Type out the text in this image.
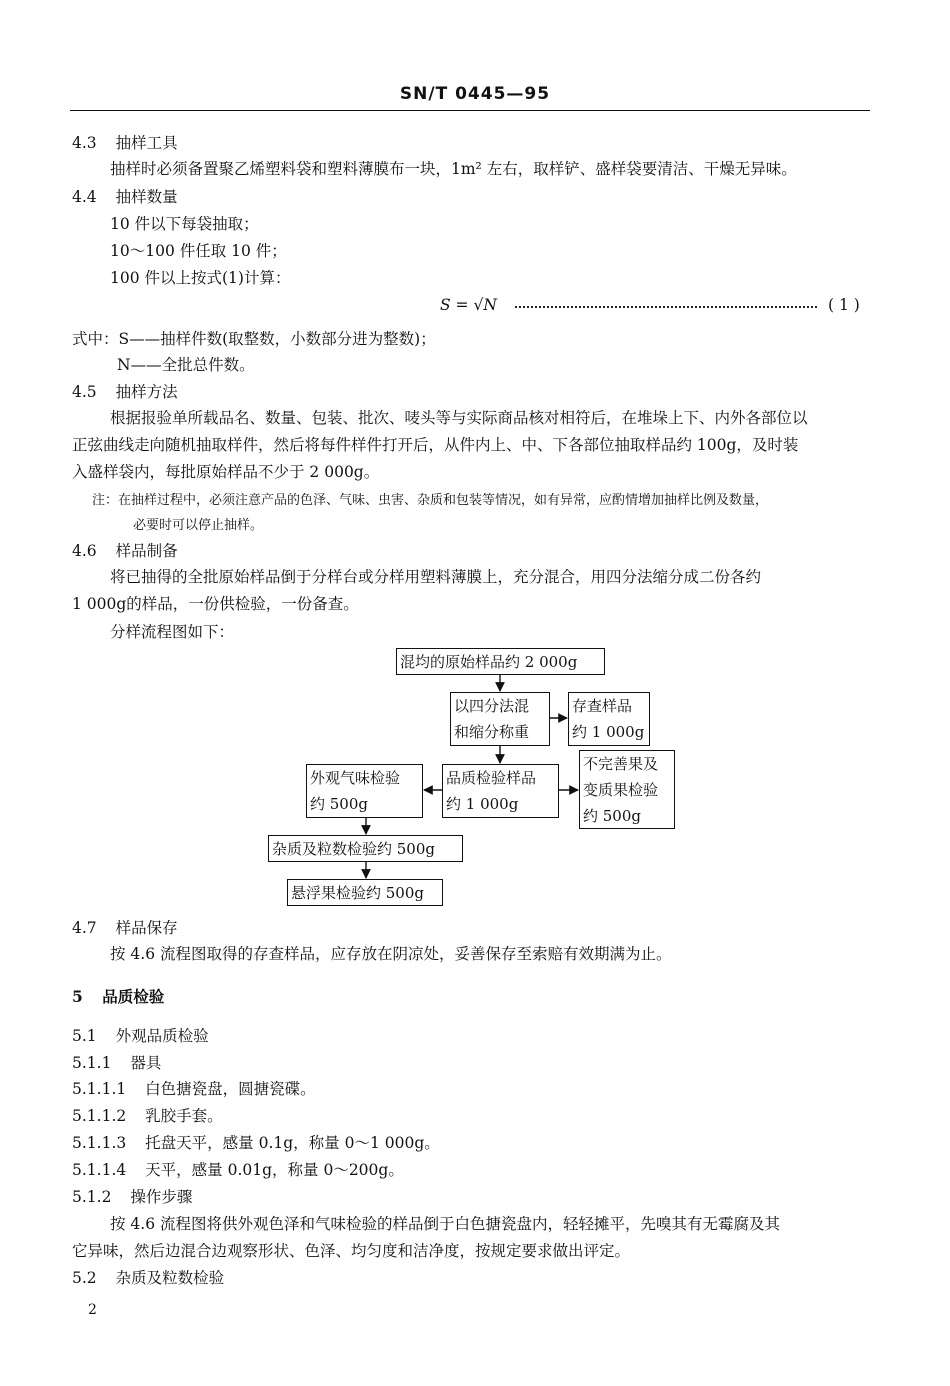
SN/T 0445—95
4.3 抽样工具
抽样时必须备置聚乙烯塑料袋和塑料薄膜布一块，1m² 左右，取样铲、盛样袋要清洁、干燥无异味。
4.4 抽样数量
10 件以下每袋抽取；
10～100 件任取 10 件；
100 件以上按式(1)计算：
S = √N	( 1 )
式中：S——抽样件数(取整数，小数部分进为整数)；
N——全批总件数。
4.5 抽样方法
根据报验单所载品名、数量、包装、批次、唛头等与实际商品核对相符后，在堆垛上下、内外各部位以
正弦曲线走向随机抽取样件，然后将每件样件打开后，从件内上、中、下各部位抽取样品约 100g，及时装
入盛样袋内，每批原始样品不少于 2 000g。
注：在抽样过程中，必须注意产品的色泽、气味、虫害、杂质和包装等情况，如有异常，应酌情增加抽样比例及数量，
必要时可以停止抽样。
4.6 样品制备
将已抽得的全批原始样品倒于分样台或分样用塑料薄膜上，充分混合，用四分法缩分成二份各约
1 000g的样品，一份供检验，一份备查。
分样流程图如下：
混均的原始样品约 2 000g
以四分法混
和缩分称重
存查样品
约 1 000g
品质检验样品
约 1 000g
外观气味检验
约 500g
不完善果及
变质果检验
约 500g
杂质及粒数检验约 500g
悬浮果检验约 500g
4.7 样品保存
按 4.6 流程图取得的存查样品，应存放在阴凉处，妥善保存至索赔有效期满为止。
5 品质检验
5.1 外观品质检验
5.1.1 器具
5.1.1.1 白色搪瓷盘，圆搪瓷碟。
5.1.1.2 乳胶手套。
5.1.1.3 托盘天平，感量 0.1g，称量 0～1 000g。
5.1.1.4 天平，感量 0.01g，称量 0～200g。
5.1.2 操作步骤
按 4.6 流程图将供外观色泽和气味检验的样品倒于白色搪瓷盘内，轻轻摊平，先嗅其有无霉腐及其
它异味，然后边混合边观察形状、色泽、均匀度和洁净度，按规定要求做出评定。
5.2 杂质及粒数检验
2
